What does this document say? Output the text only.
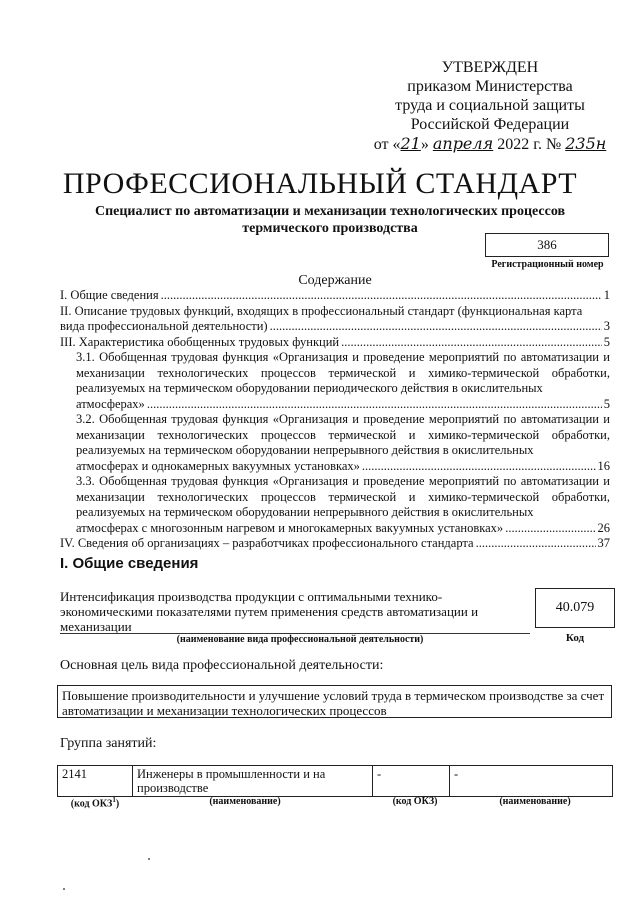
УТВЕРЖДЕН
приказом Министерства
труда и социальной защиты
Российской Федерации
от «21» апреля 2022 г. № 235н
ПРОФЕССИОНАЛЬНЫЙ СТАНДАРТ
Специалист по автоматизации и механизации технологических процессов
термического производства
386
Регистрационный номер
Содержание
I. Общие сведения .....	1
II. Описание трудовых функций, входящих в профессиональный стандарт (функциональная карта
вида профессиональной деятельности) .....	3
III. Характеристика обобщенных трудовых функций .....	5
3.1. Обобщенная трудовая функция «Организация и проведение мероприятий по автоматизации и механизации технологических процессов термической и химико-термической обработки, реализуемых на термическом оборудовании периодического действия в окислительных
атмосферах» .....	5
3.2. Обобщенная трудовая функция «Организация и проведение мероприятий по автоматизации и механизации технологических процессов термической и химико-термической обработки, реализуемых на термическом оборудовании непрерывного действия в окислительных
атмосферах и однокамерных вакуумных установках» .....	16
3.3. Обобщенная трудовая функция «Организация и проведение мероприятий по автоматизации и механизации технологических процессов термической и химико-термической обработки, реализуемых на термическом оборудовании непрерывного действия в окислительных
атмосферах с многозонным нагревом и многокамерных вакуумных установках» .....	26
IV. Сведения об организациях – разработчиках профессионального стандарта .....	37
I. Общие сведения
Интенсификация производства продукции с оптимальными технико-экономическими показателями путем применения средств автоматизации и механизации
(наименование вида профессиональной деятельности)
40.079
Код
Основная цель вида профессиональной деятельности:
Повышение производительности и улучшение условий труда в термическом производстве за счет автоматизации и механизации технологических процессов
Группа занятий:
2141	Инженеры в промышленности и на производстве	-	-
(код ОКЗ$^1$)	(наименование)	(код ОКЗ)	(наименование)
